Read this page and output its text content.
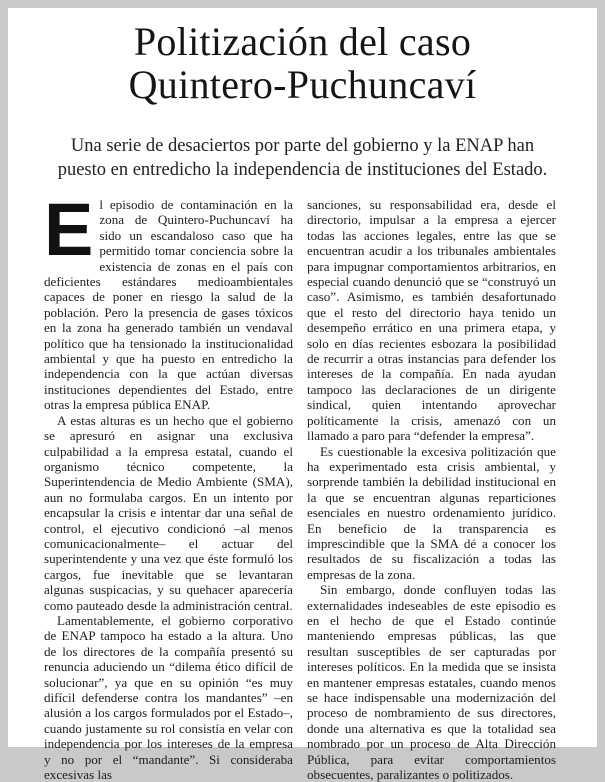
Politización del caso
Quintero-Puchuncaví
Una serie de desaciertos por parte del gobierno y la ENAP han
puesto en entredicho la independencia de instituciones del Estado.

El episodio de contaminación en la zona de Quintero-Puchuncaví ha sido un escandaloso caso que ha permitido tomar conciencia sobre la existencia de zonas en el país con deficientes estándares medioambientales capaces de poner en riesgo la salud de la población. Pero la presencia de gases tóxicos en la zona ha generado también un vendaval político que ha tensionado la institucionalidad ambiental y que ha puesto en entredicho la independencia con la que actúan diversas instituciones dependientes del Estado, entre otras la empresa pública ENAP.

A estas alturas es un hecho que el gobierno se apresuró en asignar una exclusiva culpabilidad a la empresa estatal, cuando el organismo técnico competente, la Superintendencia de Medio Ambiente (SMA), aun no formulaba cargos. En un intento por encapsular la crisis e intentar dar una señal de control, el ejecutivo condicionó –al menos comunicacionalmente– el actuar del superintendente y una vez que éste formuló los cargos, fue inevitable que se levantaran algunas suspicacias, y su quehacer aparecería como pauteado desde la administración central.

Lamentablemente, el gobierno corporativo de ENAP tampoco ha estado a la altura. Uno de los directores de la compañía presentó su renuncia aduciendo un “dilema ético difícil de solucionar”, ya que en su opinión “es muy difícil defenderse contra los mandantes” –en alusión a los cargos formulados por el Estado–, cuando justamente su rol consistía en velar con independencia por los intereses de la empresa y no por el “mandante”. Si consideraba excesivas las

sanciones, su responsabilidad era, desde el directorio, impulsar a la empresa a ejercer todas las acciones legales, entre las que se encuentran acudir a los tribunales ambientales para impugnar comportamientos arbitrarios, en especial cuando denunció que se “construyó un caso”. Asimismo, es también desafortunado que el resto del directorio haya tenido un desempeño errático en una primera etapa, y solo en días recientes esbozara la posibilidad de recurrir a otras instancias para defender los intereses de la compañía. En nada ayudan tampoco las declaraciones de un dirigente sindical, quien intentando aprovechar políticamente la crisis, amenazó con un llamado a paro para “defender la empresa”.

Es cuestionable la excesiva politización que ha experimentado esta crisis ambiental, y sorprende también la debilidad institucional en la que se encuentran algunas reparticiones esenciales en nuestro ordenamiento jurídico. En beneficio de la transparencia es imprescindible que la SMA dé a conocer los resultados de su fiscalización a todas las empresas de la zona.

Sin embargo, donde confluyen todas las externalidades indeseables de este episodio es en el hecho de que el Estado continúe manteniendo empresas públicas, las que resultan susceptibles de ser capturadas por intereses políticos. En la medida que se insista en mantener empresas estatales, cuando menos se hace indispensable una modernización del proceso de nombramiento de sus directores, donde una alternativa es que la totalidad sea nombrado por un proceso de Alta Dirección Pública, para evitar comportamientos obsecuentes, paralizantes o politizados.
